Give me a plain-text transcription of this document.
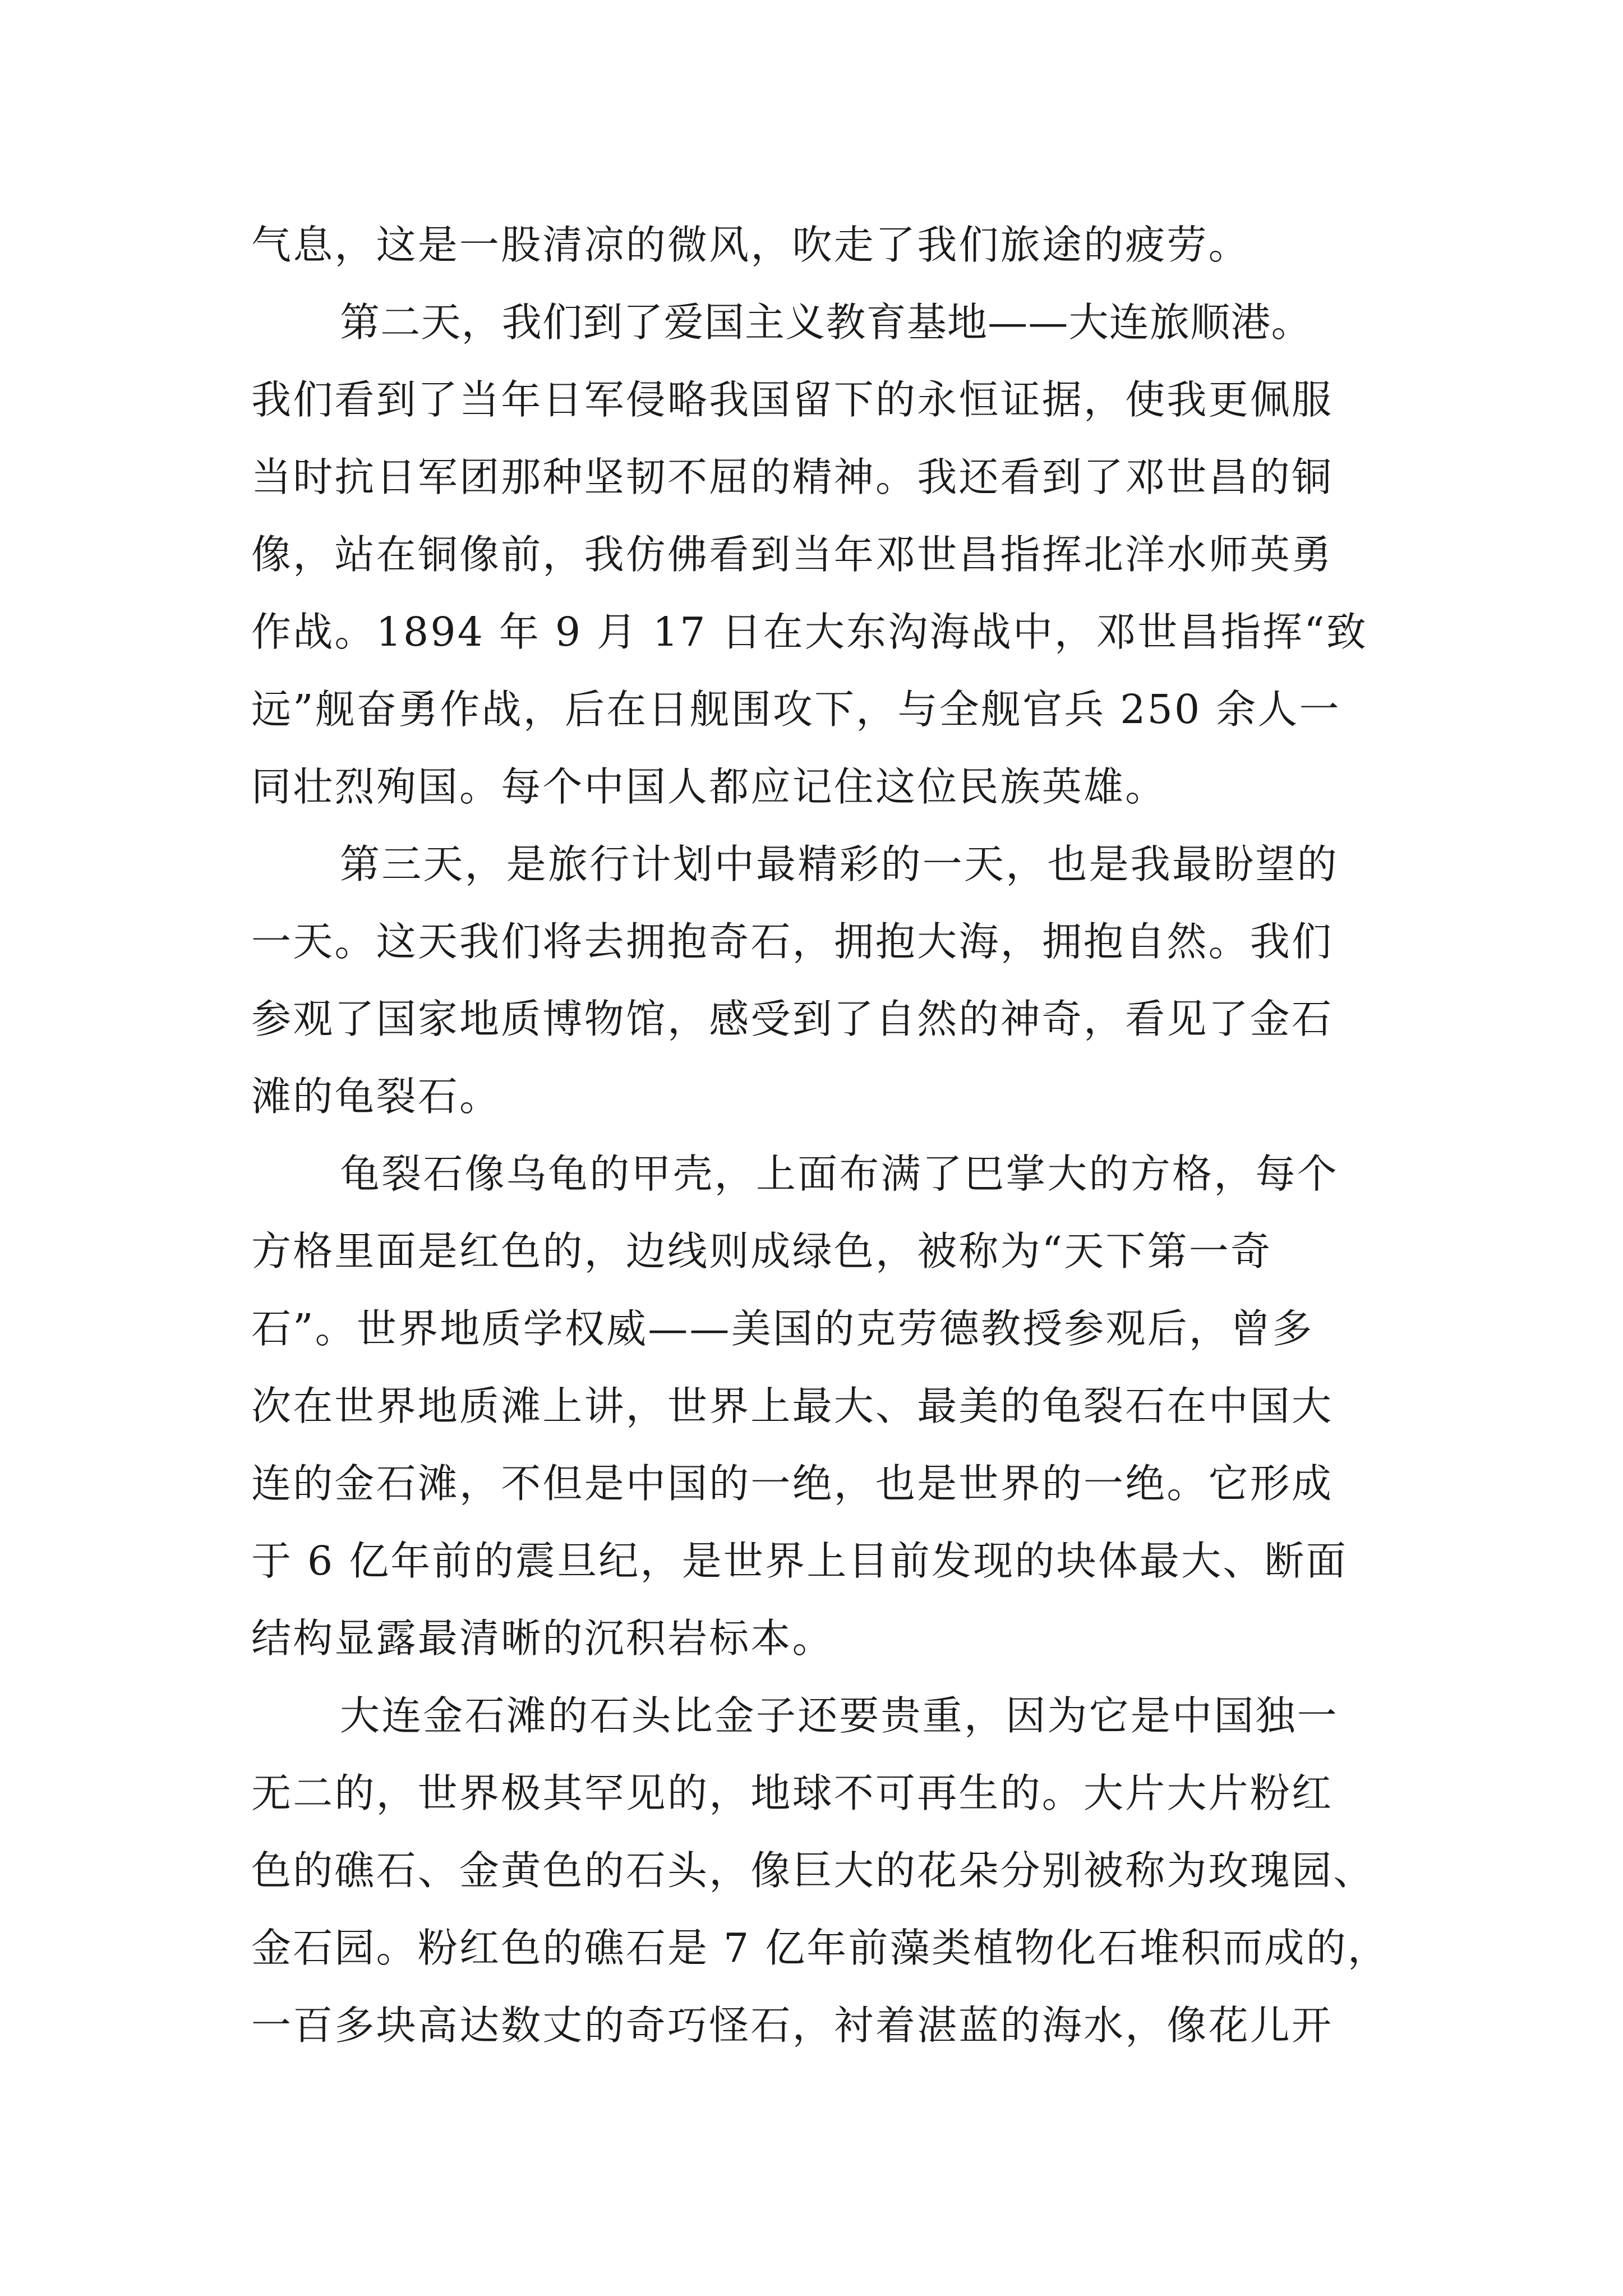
气息，这是一股清凉的微风，吹走了我们旅途的疲劳。
第二天，我们到了爱国主义教育基地——大连旅顺港。
我们看到了当年日军侵略我国留下的永恒证据，使我更佩服
当时抗日军团那种坚韧不屈的精神。我还看到了邓世昌的铜
像，站在铜像前，我仿佛看到当年邓世昌指挥北洋水师英勇
作战。1894 年 9 月 17 日在大东沟海战中，邓世昌指挥“致
远”舰奋勇作战，后在日舰围攻下，与全舰官兵 250 余人一
同壮烈殉国。每个中国人都应记住这位民族英雄。
第三天，是旅行计划中最精彩的一天，也是我最盼望的
一天。这天我们将去拥抱奇石，拥抱大海，拥抱自然。我们
参观了国家地质博物馆，感受到了自然的神奇，看见了金石
滩的龟裂石。
龟裂石像乌龟的甲壳，上面布满了巴掌大的方格，每个
方格里面是红色的，边线则成绿色，被称为“天下第一奇
石”。世界地质学权威——美国的克劳德教授参观后，曾多
次在世界地质滩上讲，世界上最大、最美的龟裂石在中国大
连的金石滩，不但是中国的一绝，也是世界的一绝。它形成
于 6 亿年前的震旦纪，是世界上目前发现的块体最大、断面
结构显露最清晰的沉积岩标本。
大连金石滩的石头比金子还要贵重，因为它是中国独一
无二的，世界极其罕见的，地球不可再生的。大片大片粉红
色的礁石、金黄色的石头，像巨大的花朵分别被称为玫瑰园、
金石园。粉红色的礁石是 7 亿年前藻类植物化石堆积而成的，
一百多块高达数丈的奇巧怪石，衬着湛蓝的海水，像花儿开
